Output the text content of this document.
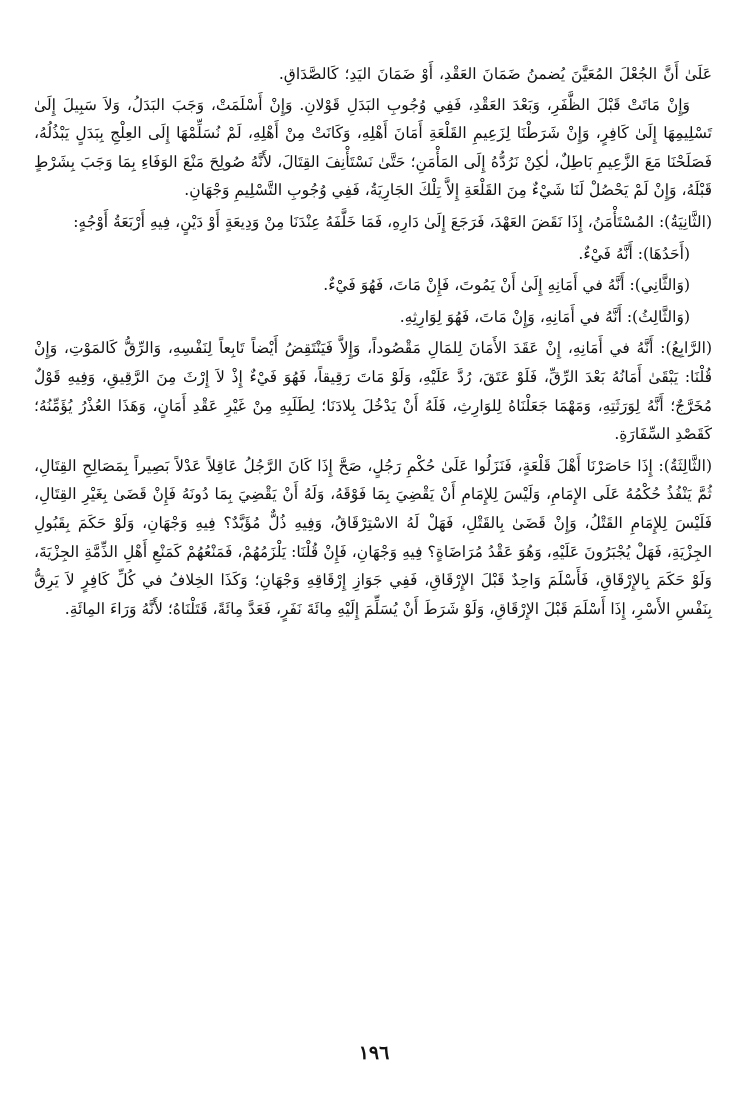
عَلَىٰ أَنَّ الجُعْلَ المُعَيَّنَ يُضمنُ ضَمَانَ العَقْدِ، أَوْ ضَمَانَ اليَدِ؛ كَالصَّدَاقِ.

وَإِنْ مَاتَتْ قَبْلَ الظَّفَرِ، وَبَعْدَ العَقْدِ، فَفِي وُجُوبِ البَدَلِ قَوْلانِ. وَإِنْ أَسْلَمَتْ، وَجَبَ البَدَلُ، وَلاَ سَبِيلَ إِلَىٰ تَسْلِيمِهَا إِلَىٰ كَافِرٍ، وَإِنْ شَرَطْنَا لِزَعِيمِ القَلْعَةِ أَمَانَ أَهْلِهِ، وَكَانَتْ مِنْ أَهْلِهِ، لَمْ نُسَلِّمْهَا إِلَى العِلْجِ بِبَدَلٍ يَبْذُلُهُ، فَصَلَحْنَا مَعَ الزَّعِيمِ بَاطِلٌ، لٰكِنْ نَرُدُّهُ إِلَى المَأْمَنِ؛ حَتَّىٰ نَسْتَأْنِفَ القِتَالَ، لأَنَّهُ صُولِحَ مَنْعَ الوَفَاءِ بِمَا وَجَبَ بِشَرْطٍ قَبْلَهُ، وَإِنْ لَمْ يَحْصُلْ لَنَا شَيْءٌ مِنَ القَلْعَةِ إِلاَّ تِلْكَ الجَارِيَةُ، فَفِي وُجُوبِ التَّسْلِيمِ وَجْهَانِ.

(الثَّانِيَةُ): المُسْتَأْمَنُ، إِذَا نَقَضَ العَهْدَ، فَرَجَعَ إِلَىٰ دَارِهِ، فَمَا خَلَّفَهُ عِنْدَنَا مِنْ وَدِيعَةٍ أَوْ دَيْنٍ، فِيهِ أَرْبَعَةُ أَوْجُهٍ:

(أَحَدُهَا): أَنَّهُ فَيْءٌ.

(وَالثَّانِي): أَنَّهُ في أَمَانِهِ إِلَىٰ أَنْ يَمُوتَ، فَإِنْ مَاتَ، فَهُوَ فَيْءٌ.

(وَالثَّالِثُ): أَنَّهُ في أَمَانِهِ، وَإِنْ مَاتَ، فَهُوَ لِوَارِثِهِ.

(الرَّابِعُ): أَنَّهُ في أَمَانِهِ، إِنْ عَقَدَ الأَمَانَ لِلمَالِ مَقْصُوداً، وَإِلاَّ فَيَنْتَقِضُ أَيْضاً تَابِعاً لِنَفْسِهِ، وَالرِّقُّ كَالمَوْتِ، وَإِنْ قُلْنَا: يَبْقَىٰ أَمَانُهُ بَعْدَ الرِّقِّ، فَلَوْ عَتَقَ، رُدَّ عَلَيْهِ، وَلَوْ مَاتَ رَقِيقاً، فَهُوَ فَيْءٌ إِذْ لاَ إِرْثَ مِنَ الرَّقِيقِ، وَفِيهِ قَوْلٌ مُخَرَّجٌ؛ أَنَّهُ لِوَرَثَتِهِ، وَمَهْمَا جَعَلْنَاهُ لِلوَارِثِ، فَلَهُ أَنْ يَدْخُلَ بِلادَنَا؛ لِطَلَبِهِ مِنْ غَيْرِ عَقْدِ أَمَانٍ، وَهَذَا العُذْرُ يُؤَمِّنُهُ؛ كَقَصْدِ السِّفَارَةِ.

(الثَّالِثَةُ): إِذَا حَاصَرْنَا أَهْلَ قَلْعَةٍ، فَنَزَلُوا عَلَىٰ حُكْمِ رَجُلٍ، صَحَّ إِذَا كَانَ الرَّجُلُ عَاقِلاً عَدْلاً بَصِيراً بِمَصَالِحِ القِتَالِ، ثُمَّ يَنْفُذُ حُكْمُهُ عَلَى الإِمَامِ، وَلَيْسَ لِلإِمَامِ أَنْ يَقْضِيَ بِمَا فَوْقَهُ، وَلَهُ أَنْ يَقْضِيَ بِمَا دُونَهُ فَإِنْ قَضَىٰ بِغَيْرِ القِتَالِ، فَلَيْسَ لِلإِمَامِ القَتْلُ، وَإِنْ قَضَىٰ بِالقَتْلِ، فَهَلْ لَهُ الاسْتِرْقَاقُ، وَفِيهِ ذُلٌّ مُؤَبَّدٌ؟ فِيهِ وَجْهَانِ، وَلَوْ حَكَمَ بِقَبُولِ الجِزْيَةِ، فَهَلْ يُجْبَرُونَ عَلَيْهِ، وَهُوَ عَقْدُ مُرَاضَاةٍ؟ فِيهِ وَجْهَانِ، فَإِنْ قُلْنَا: يَلْزَمُهُمْ، فَمَنْعُهُمْ كَمَنْعِ أَهْلِ الذِّمَّةِ الجِزْيَةَ، وَلَوْ حَكَمَ بِالإِرْقَاقِ، فَأَسْلَمَ وَاحِدٌ قَبْلَ الإِرْقَاقِ، فَفِي جَوَازِ إِرْقَاقِهِ وَجْهَانِ؛ وَكَذَا الخِلافُ في كُلِّ كَافِرٍ لاَ يَرِقُّ بِنَفْسِ الأَسْرِ، إِذَا أَسْلَمَ قَبْلَ الإِرْقَاقِ، وَلَوْ شَرَطَ أَنْ يُسَلِّمَ إِلَيْهِ مِائَةَ نَفَرٍ، فَعَدَّ مِائَةً، قَتَلْنَاهُ؛ لأَنَّهُ وَرَاءَ المِائَةِ.

١٩٦
